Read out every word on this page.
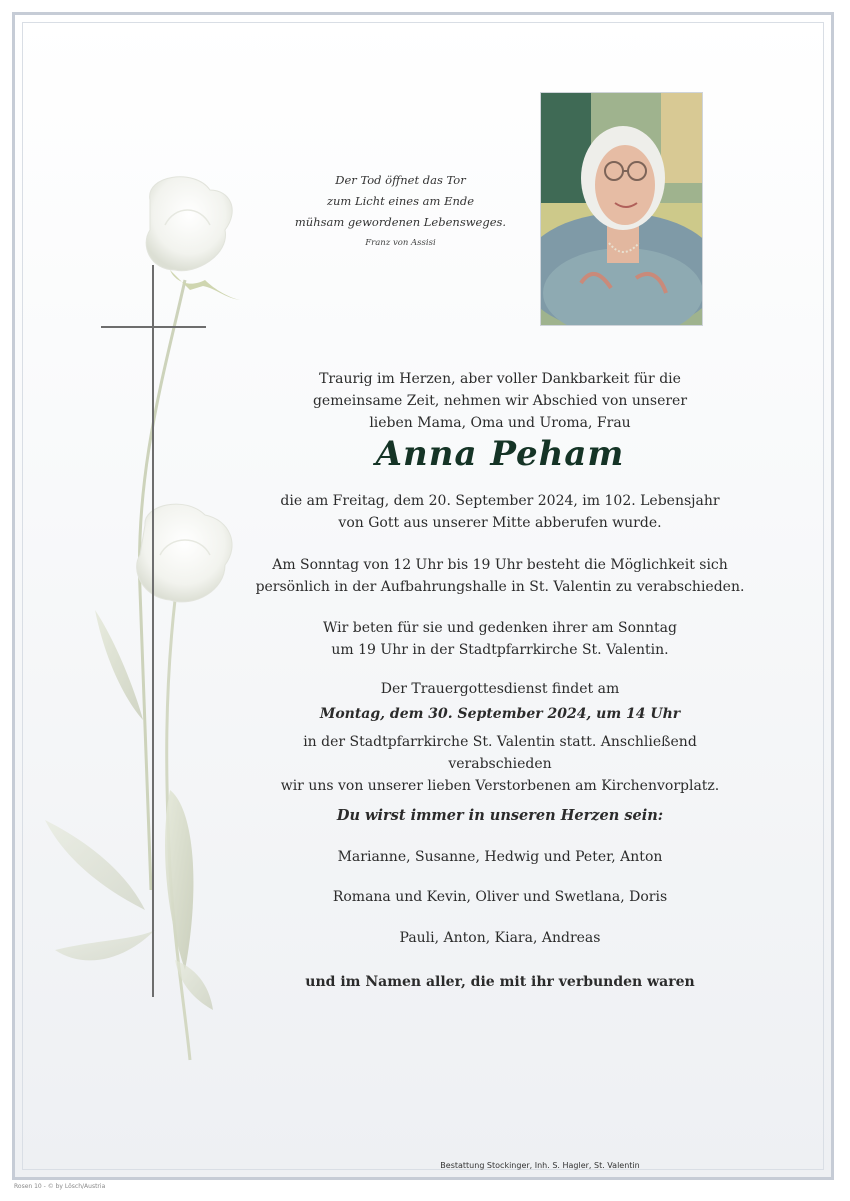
Der Tod öffnet das Tor
zum Licht eines am Ende
mühsam gewordenen Lebensweges.
Franz von Assisi
Traurig im Herzen, aber voller Dankbarkeit für die
gemeinsame Zeit, nehmen wir Abschied von unserer
lieben Mama, Oma und Uroma, Frau
Anna Peham
die am Freitag, dem 20. September 2024, im 102. Lebensjahr
von Gott aus unserer Mitte abberufen wurde.
Am Sonntag von 12 Uhr bis 19 Uhr besteht die Möglichkeit sich
persönlich in der Aufbahrungshalle in St. Valentin zu verabschieden.
Wir beten für sie und gedenken ihrer am Sonntag
um 19 Uhr in der Stadtpfarrkirche St. Valentin.
Der Trauergottesdienst findet am
Montag, dem 30. September 2024, um 14 Uhr
in der Stadtpfarrkirche St. Valentin statt. Anschließend verabschieden
wir uns von unserer lieben Verstorbenen am Kirchenvorplatz.
Du wirst immer in unseren Herzen sein:
Marianne, Susanne, Hedwig und Peter, Anton
Romana und Kevin, Oliver und Swetlana, Doris
Pauli, Anton, Kiara, Andreas
und im Namen aller, die mit ihr verbunden waren
Bestattung Stockinger, Inh. S. Hagler, St. Valentin
Rosen 10 - © by Lösch/Austria
